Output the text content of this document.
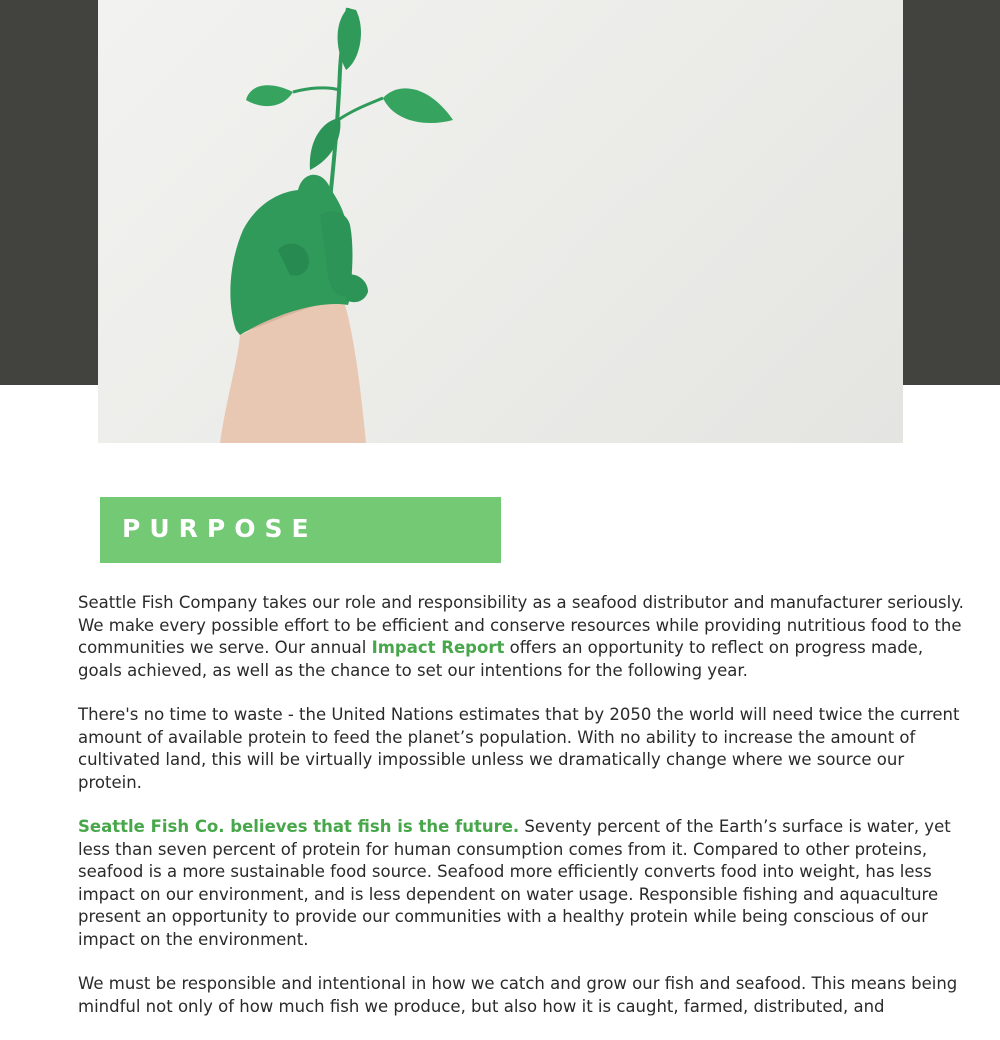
PURPOSE

Seattle Fish Company takes our role and responsibility as a seafood distributor and manufacturer seriously. We make every possible effort to be efficient and conserve resources while providing nutritious food to the communities we serve. Our annual Impact Report offers an opportunity to reflect on progress made, goals achieved, as well as the chance to set our intentions for the following year.

There's no time to waste - the United Nations estimates that by 2050 the world will need twice the current amount of available protein to feed the planet’s population. With no ability to increase the amount of cultivated land, this will be virtually impossible unless we dramatically change where we source our protein.

Seattle Fish Co. believes that fish is the future. Seventy percent of the Earth’s surface is water, yet less than seven percent of protein for human consumption comes from it. Compared to other proteins, seafood is a more sustainable food source. Seafood more efficiently converts food into weight, has less impact on our environment, and is less dependent on water usage. Responsible fishing and aquaculture present an opportunity to provide our communities with a healthy protein while being conscious of our impact on the environment.

We must be responsible and intentional in how we catch and grow our fish and seafood. This means being mindful not only of how much fish we produce, but also how it is caught, farmed, distributed, and
